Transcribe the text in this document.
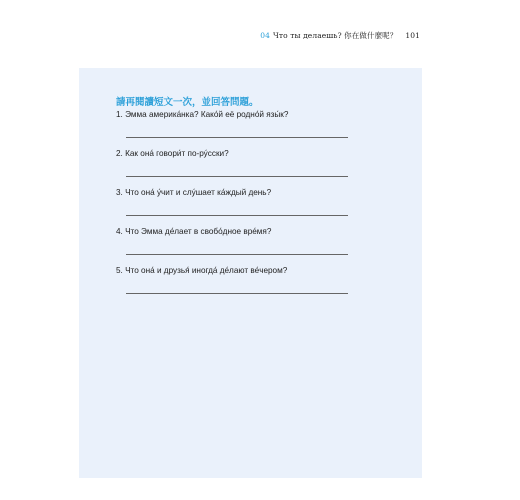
04 Что ты делаешь? 你在做什麼呢？ 101
請再閱讀短文一次，並回答問題。
1. Эмма америка́нка? Како́й её родно́й язы́к?
2. Как она́ говори́т по-ру́сски?
3. Что она́ у́чит и слу́шает ка́ждый день?
4. Что Эмма де́лает в свобо́дное вре́мя?
5. Что она́ и друзья́ иногда́ де́лают ве́чером?
